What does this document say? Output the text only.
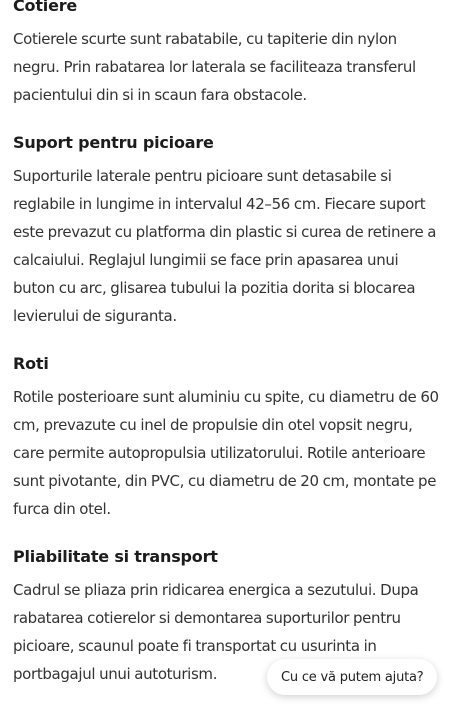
Cotiere

Cotierele scurte sunt rabatabile, cu tapiterie din nylon negru. Prin rabatarea lor laterala se faciliteaza transferul pacientului din si in scaun fara obstacole.

Suport pentru picioare

Suporturile laterale pentru picioare sunt detasabile si reglabile in lungime in intervalul 42–56 cm. Fiecare suport este prevazut cu platforma din plastic si curea de retinere a calcaiului. Reglajul lungimii se face prin apasarea unui buton cu arc, glisarea tubului la pozitia dorita si blocarea levierului de siguranta.

Roti

Rotile posterioare sunt aluminiu cu spite, cu diametru de 60 cm, prevazute cu inel de propulsie din otel vopsit negru, care permite autopropulsia utilizatorului. Rotile anterioare sunt pivotante, din PVC, cu diametru de 20 cm, montate pe furca din otel.

Pliabilitate si transport

Cadrul se pliaza prin ridicarea energica a sezutului. Dupa rabatarea cotierelor si demontarea suporturilor pentru picioare, scaunul poate fi transportat cu usurinta in portbagajul unui autoturism.	Cu ce vă putem ajuta?
